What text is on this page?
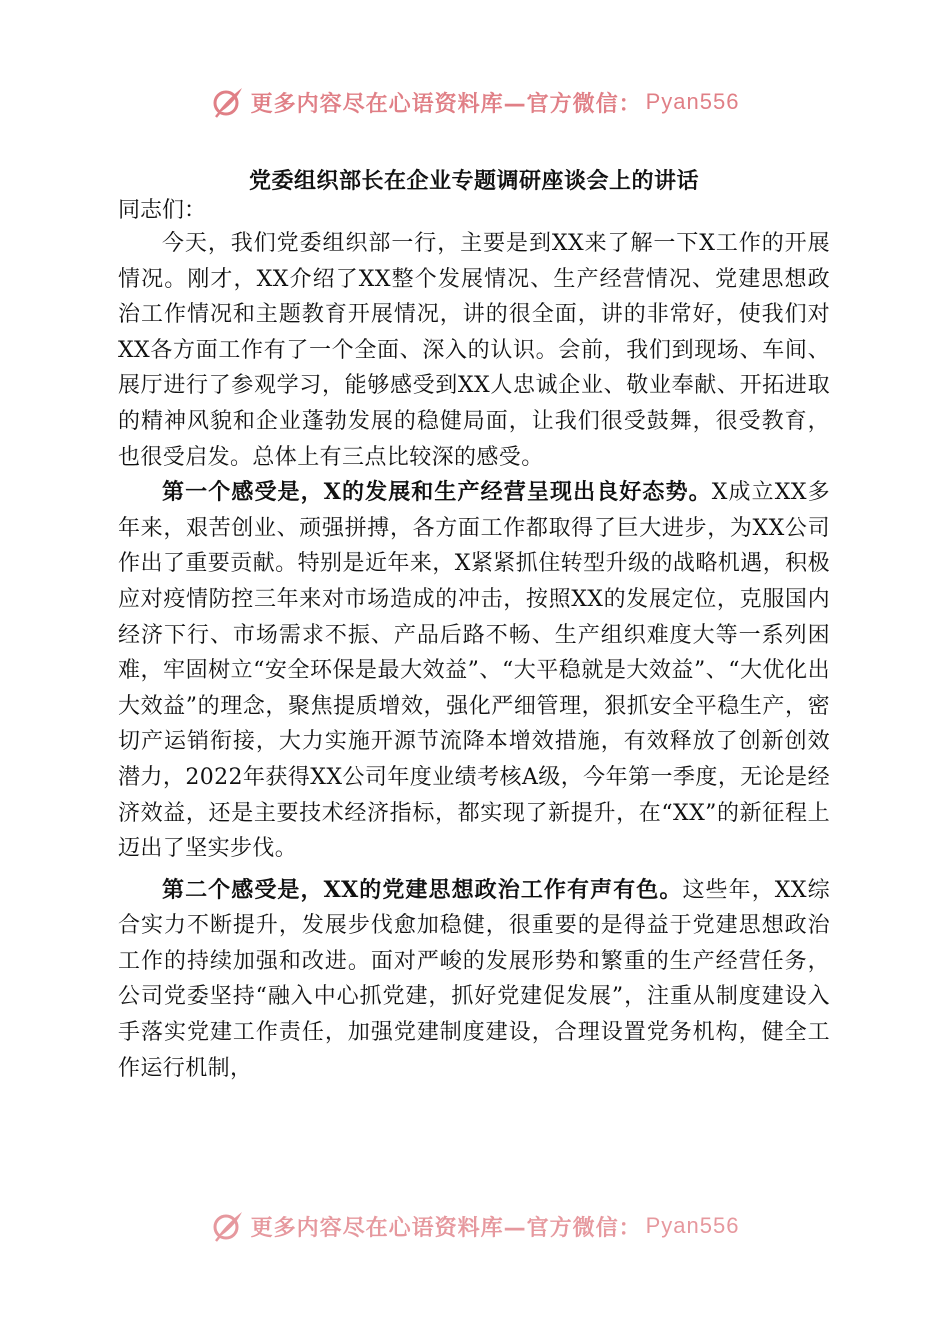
更多内容尽在心语资料库—官方微信： Pyan556
党委组织部长在企业专题调研座谈会上的讲话
同志们：

今天，我们党委组织部一行，主要是到XX来了解一下X工作的开展情况。刚才，XX介绍了XX整个发展情况、生产经营情况、党建思想政治工作情况和主题教育开展情况，讲的很全面，讲的非常好，使我们对XX各方面工作有了一个全面、深入的认识。会前，我们到现场、车间、展厅进行了参观学习，能够感受到XX人忠诚企业、敬业奉献、开拓进取的精神风貌和企业蓬勃发展的稳健局面，让我们很受鼓舞，很受教育，也很受启发。总体上有三点比较深的感受。

第一个感受是，X的发展和生产经营呈现出良好态势。X成立XX多年来，艰苦创业、顽强拼搏，各方面工作都取得了巨大进步，为XX公司作出了重要贡献。特别是近年来，X紧紧抓住转型升级的战略机遇，积极应对疫情防控三年来对市场造成的冲击，按照XX的发展定位，克服国内经济下行、市场需求不振、产品后路不畅、生产组织难度大等一系列困难，牢固树立“安全环保是最大效益”、“大平稳就是大效益”、“大优化出大效益”的理念，聚焦提质增效，强化严细管理，狠抓安全平稳生产，密切产运销衔接，大力实施开源节流降本增效措施，有效释放了创新创效潜力，2022年获得XX公司年度业绩考核A级，今年第一季度，无论是经济效益，还是主要技术经济指标，都实现了新提升，在“XX”的新征程上迈出了坚实步伐。

第二个感受是，XX的党建思想政治工作有声有色。这些年，XX综合实力不断提升，发展步伐愈加稳健，很重要的是得益于党建思想政治工作的持续加强和改进。面对严峻的发展形势和繁重的生产经营任务，公司党委坚持“融入中心抓党建，抓好党建促发展”，注重从制度建设入手落实党建工作责任，加强党建制度建设，合理设置党务机构，健全工作运行机制，

更多内容尽在心语资料库—官方微信： Pyan556
